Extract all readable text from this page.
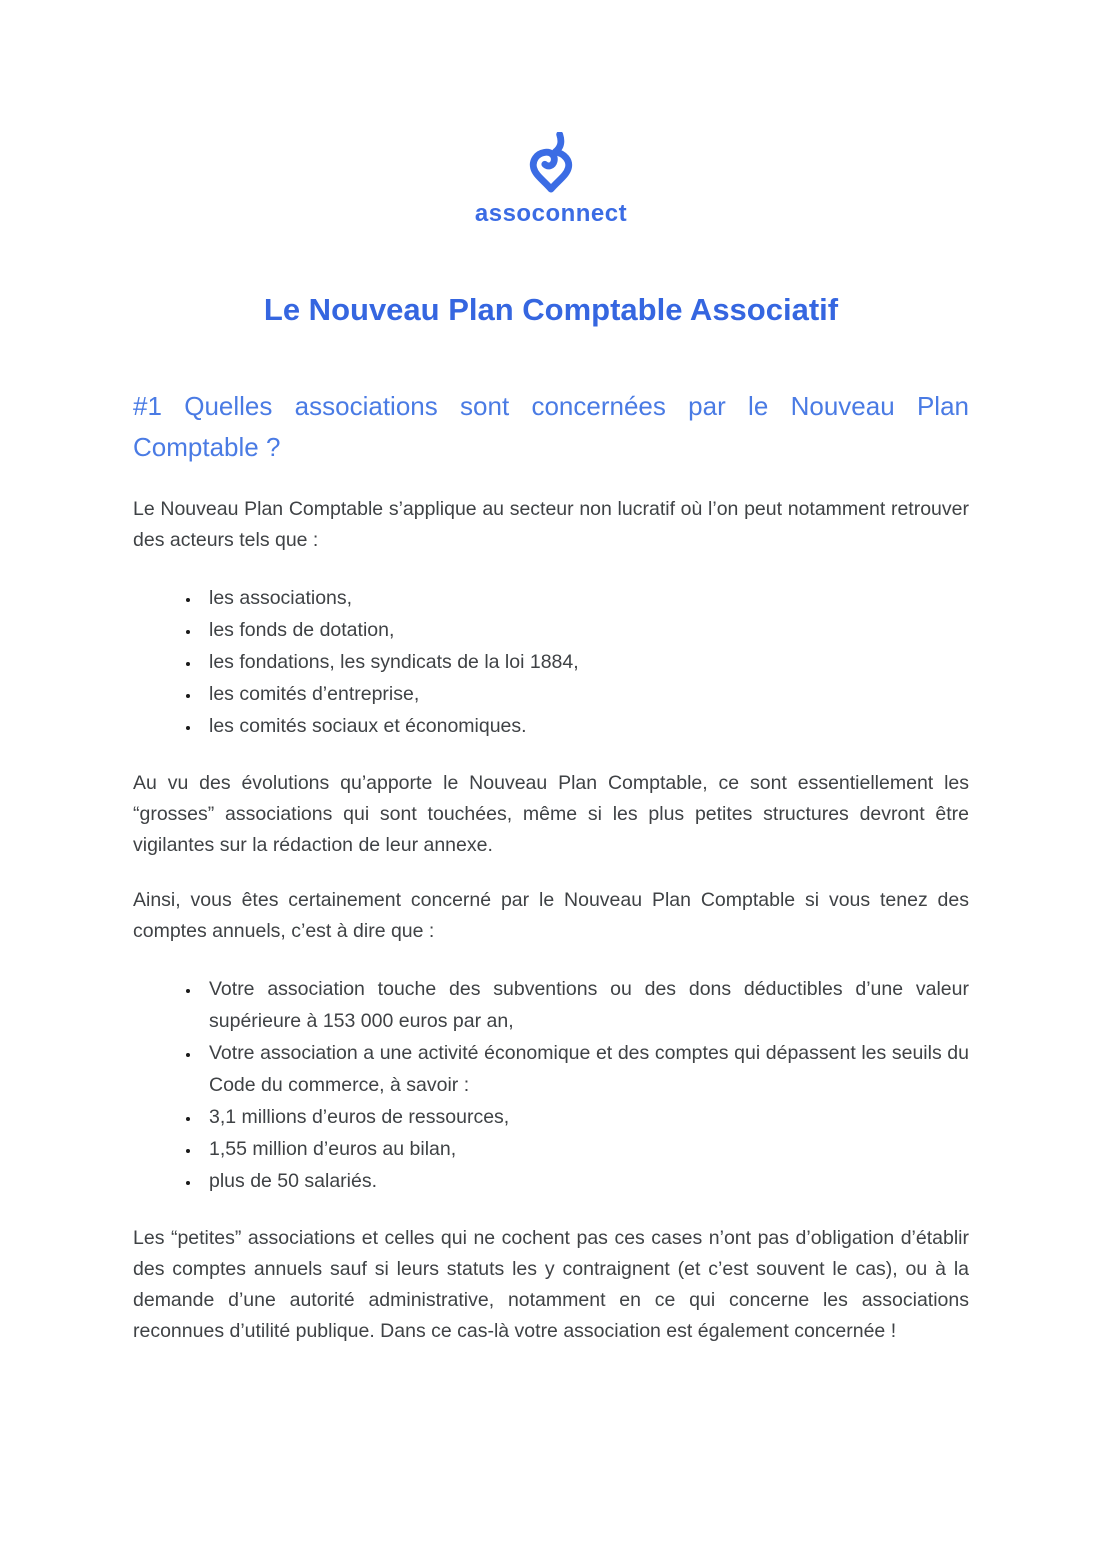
assoconnect
Le Nouveau Plan Comptable Associatif
#1 Quelles associations sont concernées par le Nouveau Plan Comptable ?

Le Nouveau Plan Comptable s’applique au secteur non lucratif où l’on peut notamment retrouver des acteurs tels que :

• les associations,
• les fonds de dotation,
• les fondations, les syndicats de la loi 1884,
• les comités d’entreprise,
• les comités sociaux et économiques.

Au vu des évolutions qu’apporte le Nouveau Plan Comptable, ce sont essentiellement les “grosses” associations qui sont touchées, même si les plus petites structures devront être vigilantes sur la rédaction de leur annexe.

Ainsi, vous êtes certainement concerné par le Nouveau Plan Comptable si vous tenez des comptes annuels, c’est à dire que :

• Votre association touche des subventions ou des dons déductibles d’une valeur supérieure à 153 000 euros par an,
• Votre association a une activité économique et des comptes qui dépassent les seuils du Code du commerce, à savoir :
• 3,1 millions d’euros de ressources,
• 1,55 million d’euros au bilan,
• plus de 50 salariés.

Les “petites” associations et celles qui ne cochent pas ces cases n’ont pas d’obligation d’établir des comptes annuels sauf si leurs statuts les y contraignent (et c’est souvent le cas), ou à la demande d’une autorité administrative, notamment en ce qui concerne les associations reconnues d’utilité publique. Dans ce cas-là votre association est également concernée !
